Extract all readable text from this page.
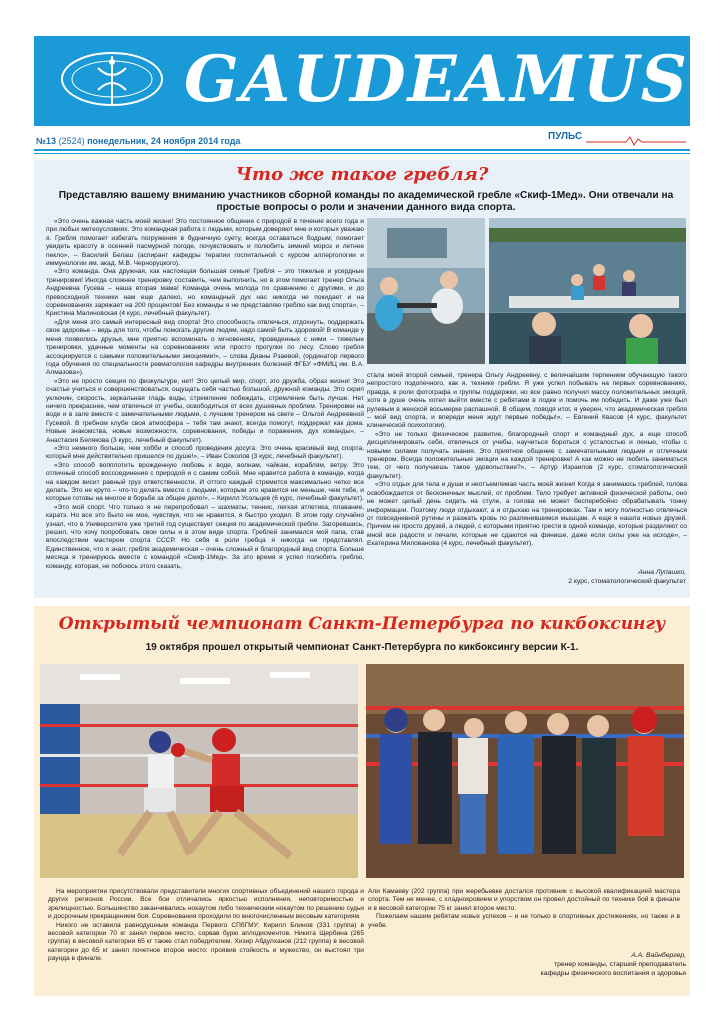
GAUDEAMUS
№13 (2524) понедельник, 24 ноября 2014 года	ПУЛЬС
Что же такое гребля?
Представляю вашему вниманию участников сборной команды по академической гребле «Скиф-1Мед». Они отвечали на простые вопросы о роли и значении данного вида спорта.

«Это очень важная часть моей жизни! Это постоянное общение с природой в течение всего года и при любых метеоусловиях. Это командная работа с людьми, которым доверяют мне и которых уважаю я. Гребля помогает избегать погружения в будничную суету, всегда оставаться бодрым; помогает увидеть красоту в осенней пасмурной погоде, почувствовать и полюбить зимний мороз и летнее пекло», – Василий Белаш (аспирант кафедры терапии госпитальной с курсом аллергологии и иммунологии им. акад. М.В. Черноруцкого).

«Это команда. Она дружная, как настоящая большая семья! Гребля – это тяжелые и усердные тренировки! Иногда сложнее тренировку составить, чем выполнить, но в этом помогает тренер Ольга Андреевна Гусева – наша вторая мама! Команда очень молода по сравнению с другими, и до превосходной техники нам еще далеко, но командный дух нас никогда не покидает и на соревнованиях заряжает на 200 процентов! Без команды я не представляю греблю как вид спорта», – Кристина Малиновская (4 курс, лечебный факультет).

«Для меня это самый интересный вид спорта! Это способность отвлечься, отдохнуть, поддержать свое здоровье – ведь для того, чтобы помогать другим людям, надо самой быть здоровой! В команде у меня появились друзья, мне приятно вспоминать о мгновениях, проведенных с ними – тяжелые тренировки, удачные моменты на соревнованиях или просто прогулки по лесу. Слово гребля ассоциируется с самыми положительными эмоциями!», – слова Дианы Рзаевой, (ординатор первого года обучения по специальности ревматология кафедры внутренних болезней ФГБУ «ФМИЦ им. В.А. Алмазова»).

«Это не просто секция по физкультуре, нет! Это целый мир, спорт, это дружба, образ жизни! Это счастье учиться и совершенствоваться, ощущать себя частью большой, дружной команды. Это скрип уключин, скорость, зеркальная гладь воды, стремление побеждать, стремление быть лучше. Нет ничего прекраснее, чем отвлечься от учебы, освободиться от всех душевных проблем. Тренировки на воде и в зале вместе с замечательными людьми, с лучшим тренером на свете – Ольгой Андреевной Гусевой. В гребном клубе своя атмосфера – тебя там знают, всегда помогут, поддержат как дома. Новые знакомства, новые возможности, соревнования, победы и поражения, дух команды», – Анастасия Белякова (3 курс, лечебный факультет).

«Это немного больше, чем хобби и способ проведения досуга. Это очень красивый вид спорта, который мне действительно пришелся по душе!», – Иван Соколов (3 курс, лечебный факультет).

«Это способ вопплотить врожденную любовь к воде, волнам, чайкам, кораблям, ветру. Это отличный способ воссоединения с природой и с самим собой. Мне нравится работа в команде, когда на каждом висит равный груз ответственности. И оттого каждый стремится максимально четко все делать. Это не круто – что-то делать вместе с людьми, которым это нравится не меньше, чем тебе, и которые готовы на многое в борьбе за общее дело!», – Кирилл Усольцев (6 курс, лечебный факультет).

«Это мой спорт. Что только я не перепробовал – шахматы, теннис, легкая атлетика, плавание, каратэ. Но все это было не мое, чувствуя, что не нравится, я быстро уходил. В этом году случайно узнал, что в Университете уже третий год существует секция по академической гребле. Загоревшись, решил, что хочу попробовать свои силы и в этом виде спорта. Греблей занимался мой папа, став впоследствии мастером спорта СССР. Но себя в роли гребца я никогда не представлял. Единственное, что я знал: гребля академическая – очень сложный и благородный вид спорта. Больше месяца я тренируюсь вместе с командой «Скиф-1Мед». За это время я успел полюбить греблю, команду, которая, не побоюсь этого сказать,

стала моей второй семьей, тренера Ольгу Андреевну, с величайшим терпением обучающую такого непростого подопечного, как я, технике гребли. Я уже успел побывать на первых соревнованиях, правда, в роли фотографа и группы поддержки, но все равно получил массу положительных эмоций, хотя в душе очень хотел выйти вместе с ребятами в лодке и помочь им победить. И даже уже был рулевым в женской восьмерке распашной. В общем, поводя итог, я уверен, что академическая гребля – мой вид спорта, и впереди меня ждут первые победы!», – Евгений Квасов (4 курс, факультет клинической психологии).

«Это не только физическое развитие, благородный спорт и командный дух, а еще способ дисциплинировать себя, отвлечься от учебы, научиться бороться с усталостью и ленью, чтобы с новыми силами получать знания. Это приятное общение с замечательными людьми и отличным тренером. Всегда положительные эмоции на каждой тренировке! А как можно не любить заниматься тем, от чего получаешь такое удовольствие?», – Артур Израилов (2 курс, стоматологический факультет).

«Это отдых для тела и души и неотъемлемая часть моей жизни! Когда я занимаюсь греблей, голова освобождается от бесконечных мыслей, от проблем. Тело требует активной физической работы, оно не может целый день сидеть на стуле, а голова не может бесперебойно обрабатывать тонну информации. Поэтому люди отдыхают, а я отдыхаю на тренировках. Там я могу полностью отвлечься от повседневной рутины и разжать кровь по разленившимся мышцам. А еще я нашла новых друзей. Причем не просто друзей, а людей, с которыми приятно грести в одной команде, которые разделяют со мной все радости и печали, которые не сдаются на финише, даже если силы уже на исходе», – Екатерина Милованова (4 курс, лечебный факультет).

Анна Лупашко,
2 курс, стоматологический факультет
Открытый чемпионат Санкт-Петербурга по кикбоксингу
19 октября прошел открытый чемпионат Санкт-Петербурга по кикбоксингу версии К-1.

На мероприятии присутствовали представители многих спортивных объединений нашего города и других регионов России. Все бои отличались яркостью исполнения, неповторимостью и зрелищностью. Большинство заканчивались нокаутом либо техническим нокаутом по решению судьи и досрочным прекращением боя. Соревнования проходили по многочисленным весовым категориям.

Никого не оставила равнодушным команда Первого СПбГМУ: Кирилл Блинов (331 группа) в весовой категории 70 кг занял первое место, сорвав бурю аплодисментов. Никита Щербина (265 группа) в весовой категории 65 кг также стал победителем. Хизир Абдулханов (212 группа) в весовой категории до 65 кг занял почетное второе место: проявив стойкость и мужество, он выстоял три раунда в финале.

Али Камаеву (202 группа) при жеребьевке достался противник с высокой квалификацией мастера спорта. Тем не менее, с хладнокровием и упорством он провел достойный по технике бой в финале и в весовой категории 75 кг занял второе место.

Пожелаем нашим ребятам новых успехов – и не только в спортивных достижениях, но также и в учебе.

А.А. Вайнбергер,
тренер команды, старший преподаватель
кафедры физического воспитания и здоровья
